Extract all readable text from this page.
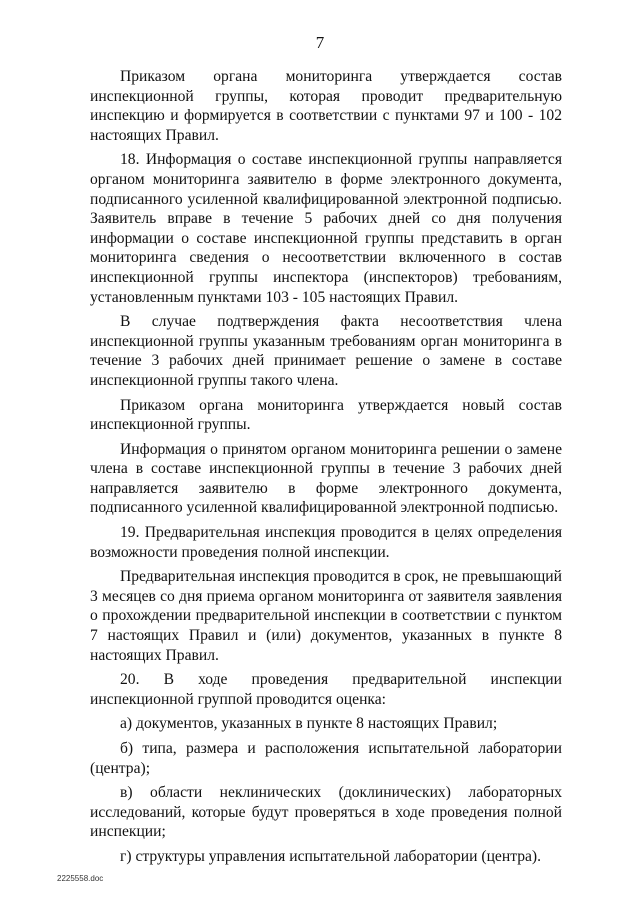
7

Приказом органа мониторинга утверждается состав инспекционной группы, которая проводит предварительную инспекцию и формируется в соответствии с пунктами 97 и 100 - 102 настоящих Правил.

18. Информация о составе инспекционной группы направляется органом мониторинга заявителю в форме электронного документа, подписанного усиленной квалифицированной электронной подписью. Заявитель вправе в течение 5 рабочих дней со дня получения информации о составе инспекционной группы представить в орган мониторинга сведения о несоответствии включенного в состав инспекционной группы инспектора (инспекторов) требованиям, установленным пунктами 103 - 105 настоящих Правил.

В случае подтверждения факта несоответствия члена инспекционной группы указанным требованиям орган мониторинга в течение 3 рабочих дней принимает решение о замене в составе инспекционной группы такого члена.

Приказом органа мониторинга утверждается новый состав инспекционной группы.

Информация о принятом органом мониторинга решении о замене члена в составе инспекционной группы в течение 3 рабочих дней направляется заявителю в форме электронного документа, подписанного усиленной квалифицированной электронной подписью.

19. Предварительная инспекция проводится в целях определения возможности проведения полной инспекции.

Предварительная инспекция проводится в срок, не превышающий 3 месяцев со дня приема органом мониторинга от заявителя заявления о прохождении предварительной инспекции в соответствии с пунктом 7 настоящих Правил и (или) документов, указанных в пункте 8 настоящих Правил.

20. В ходе проведения предварительной инспекции инспекционной группой проводится оценка:

а) документов, указанных в пункте 8 настоящих Правил;

б) типа, размера и расположения испытательной лаборатории (центра);

в) области неклинических (доклинических) лабораторных исследований, которые будут проверяться в ходе проведения полной инспекции;

г) структуры управления испытательной лаборатории (центра).

2225558.doc
